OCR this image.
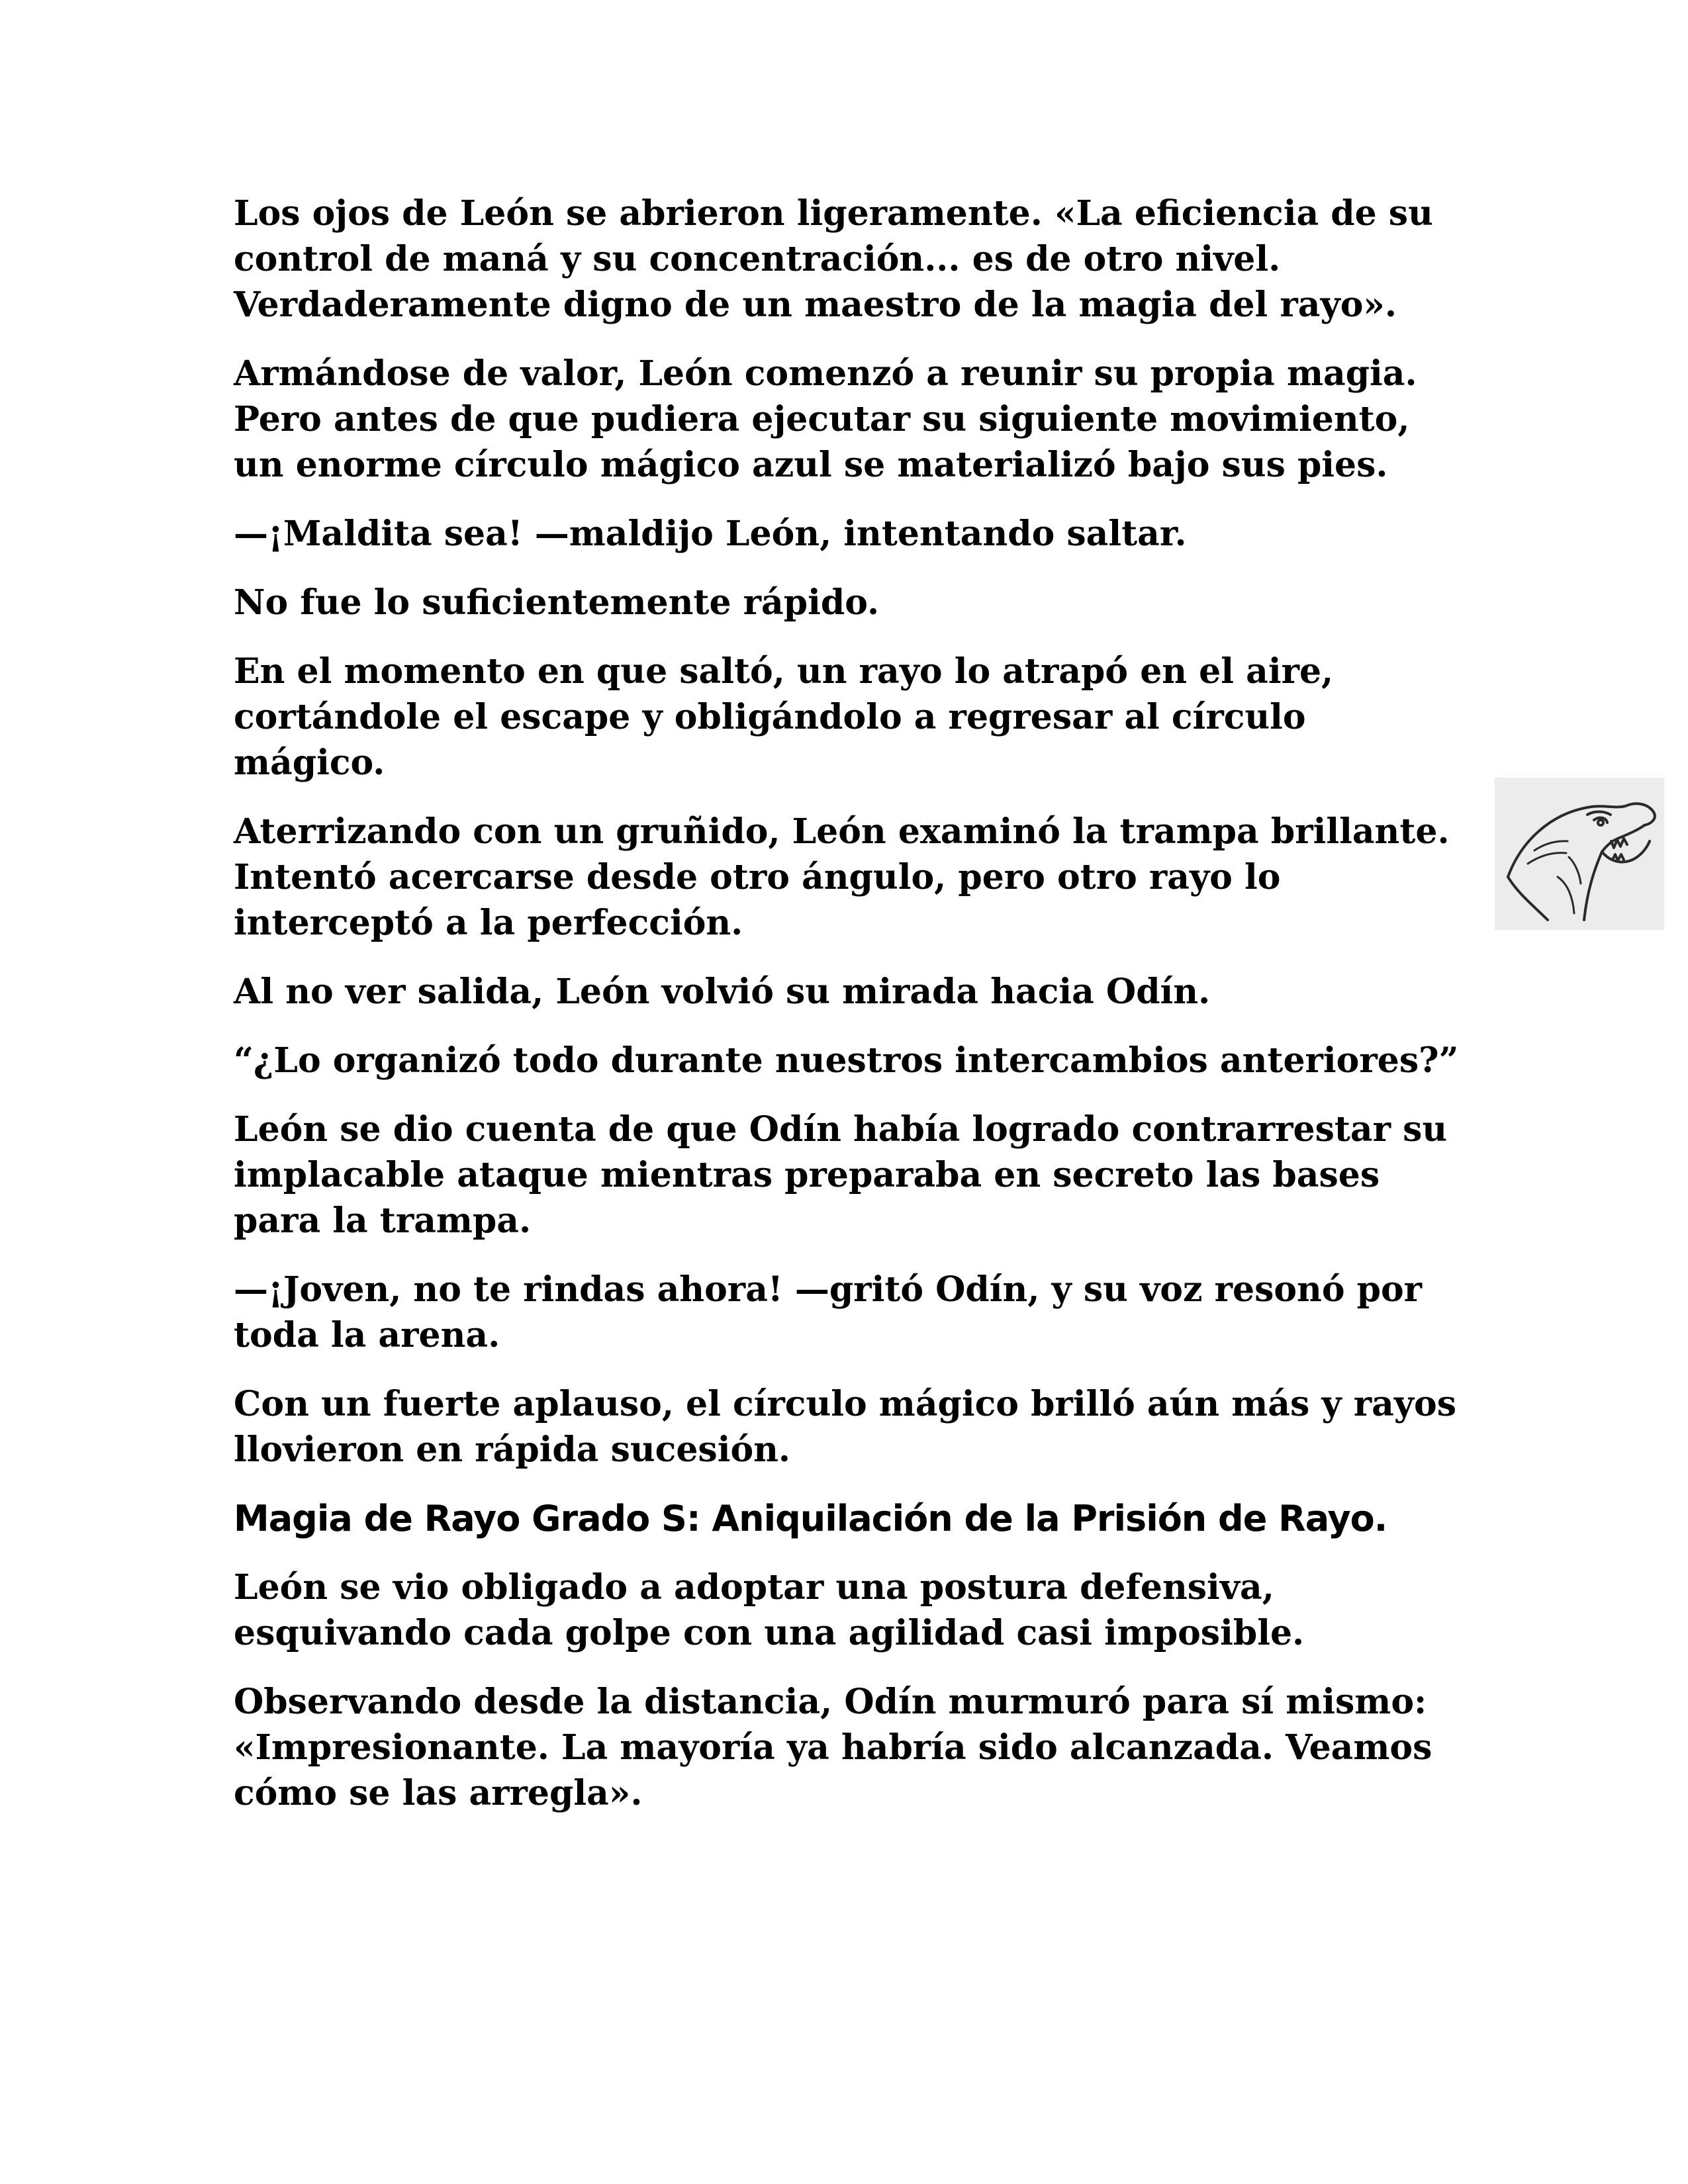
Los ojos de León se abrieron ligeramente. «La eficiencia de su control de maná y su concentración... es de otro nivel. Verdaderamente digno de un maestro de la magia del rayo».

Armándose de valor, León comenzó a reunir su propia magia. Pero antes de que pudiera ejecutar su siguiente movimiento, un enorme círculo mágico azul se materializó bajo sus pies.

—¡Maldita sea! —maldijo León, intentando saltar.

No fue lo suficientemente rápido.

En el momento en que saltó, un rayo lo atrapó en el aire, cortándole el escape y obligándolo a regresar al círculo mágico.

Aterrizando con un gruñido, León examinó la trampa brillante. Intentó acercarse desde otro ángulo, pero otro rayo lo interceptó a la perfección.

Al no ver salida, León volvió su mirada hacia Odín.

“¿Lo organizó todo durante nuestros intercambios anteriores?”

León se dio cuenta de que Odín había logrado contrarrestar su implacable ataque mientras preparaba en secreto las bases para la trampa.

—¡Joven, no te rindas ahora! —gritó Odín, y su voz resonó por toda la arena.

Con un fuerte aplauso, el círculo mágico brilló aún más y rayos llovieron en rápida sucesión.

Magia de Rayo Grado S: Aniquilación de la Prisión de Rayo.

León se vio obligado a adoptar una postura defensiva, esquivando cada golpe con una agilidad casi imposible.

Observando desde la distancia, Odín murmuró para sí mismo: «Impresionante. La mayoría ya habría sido alcanzada. Veamos cómo se las arregla».
